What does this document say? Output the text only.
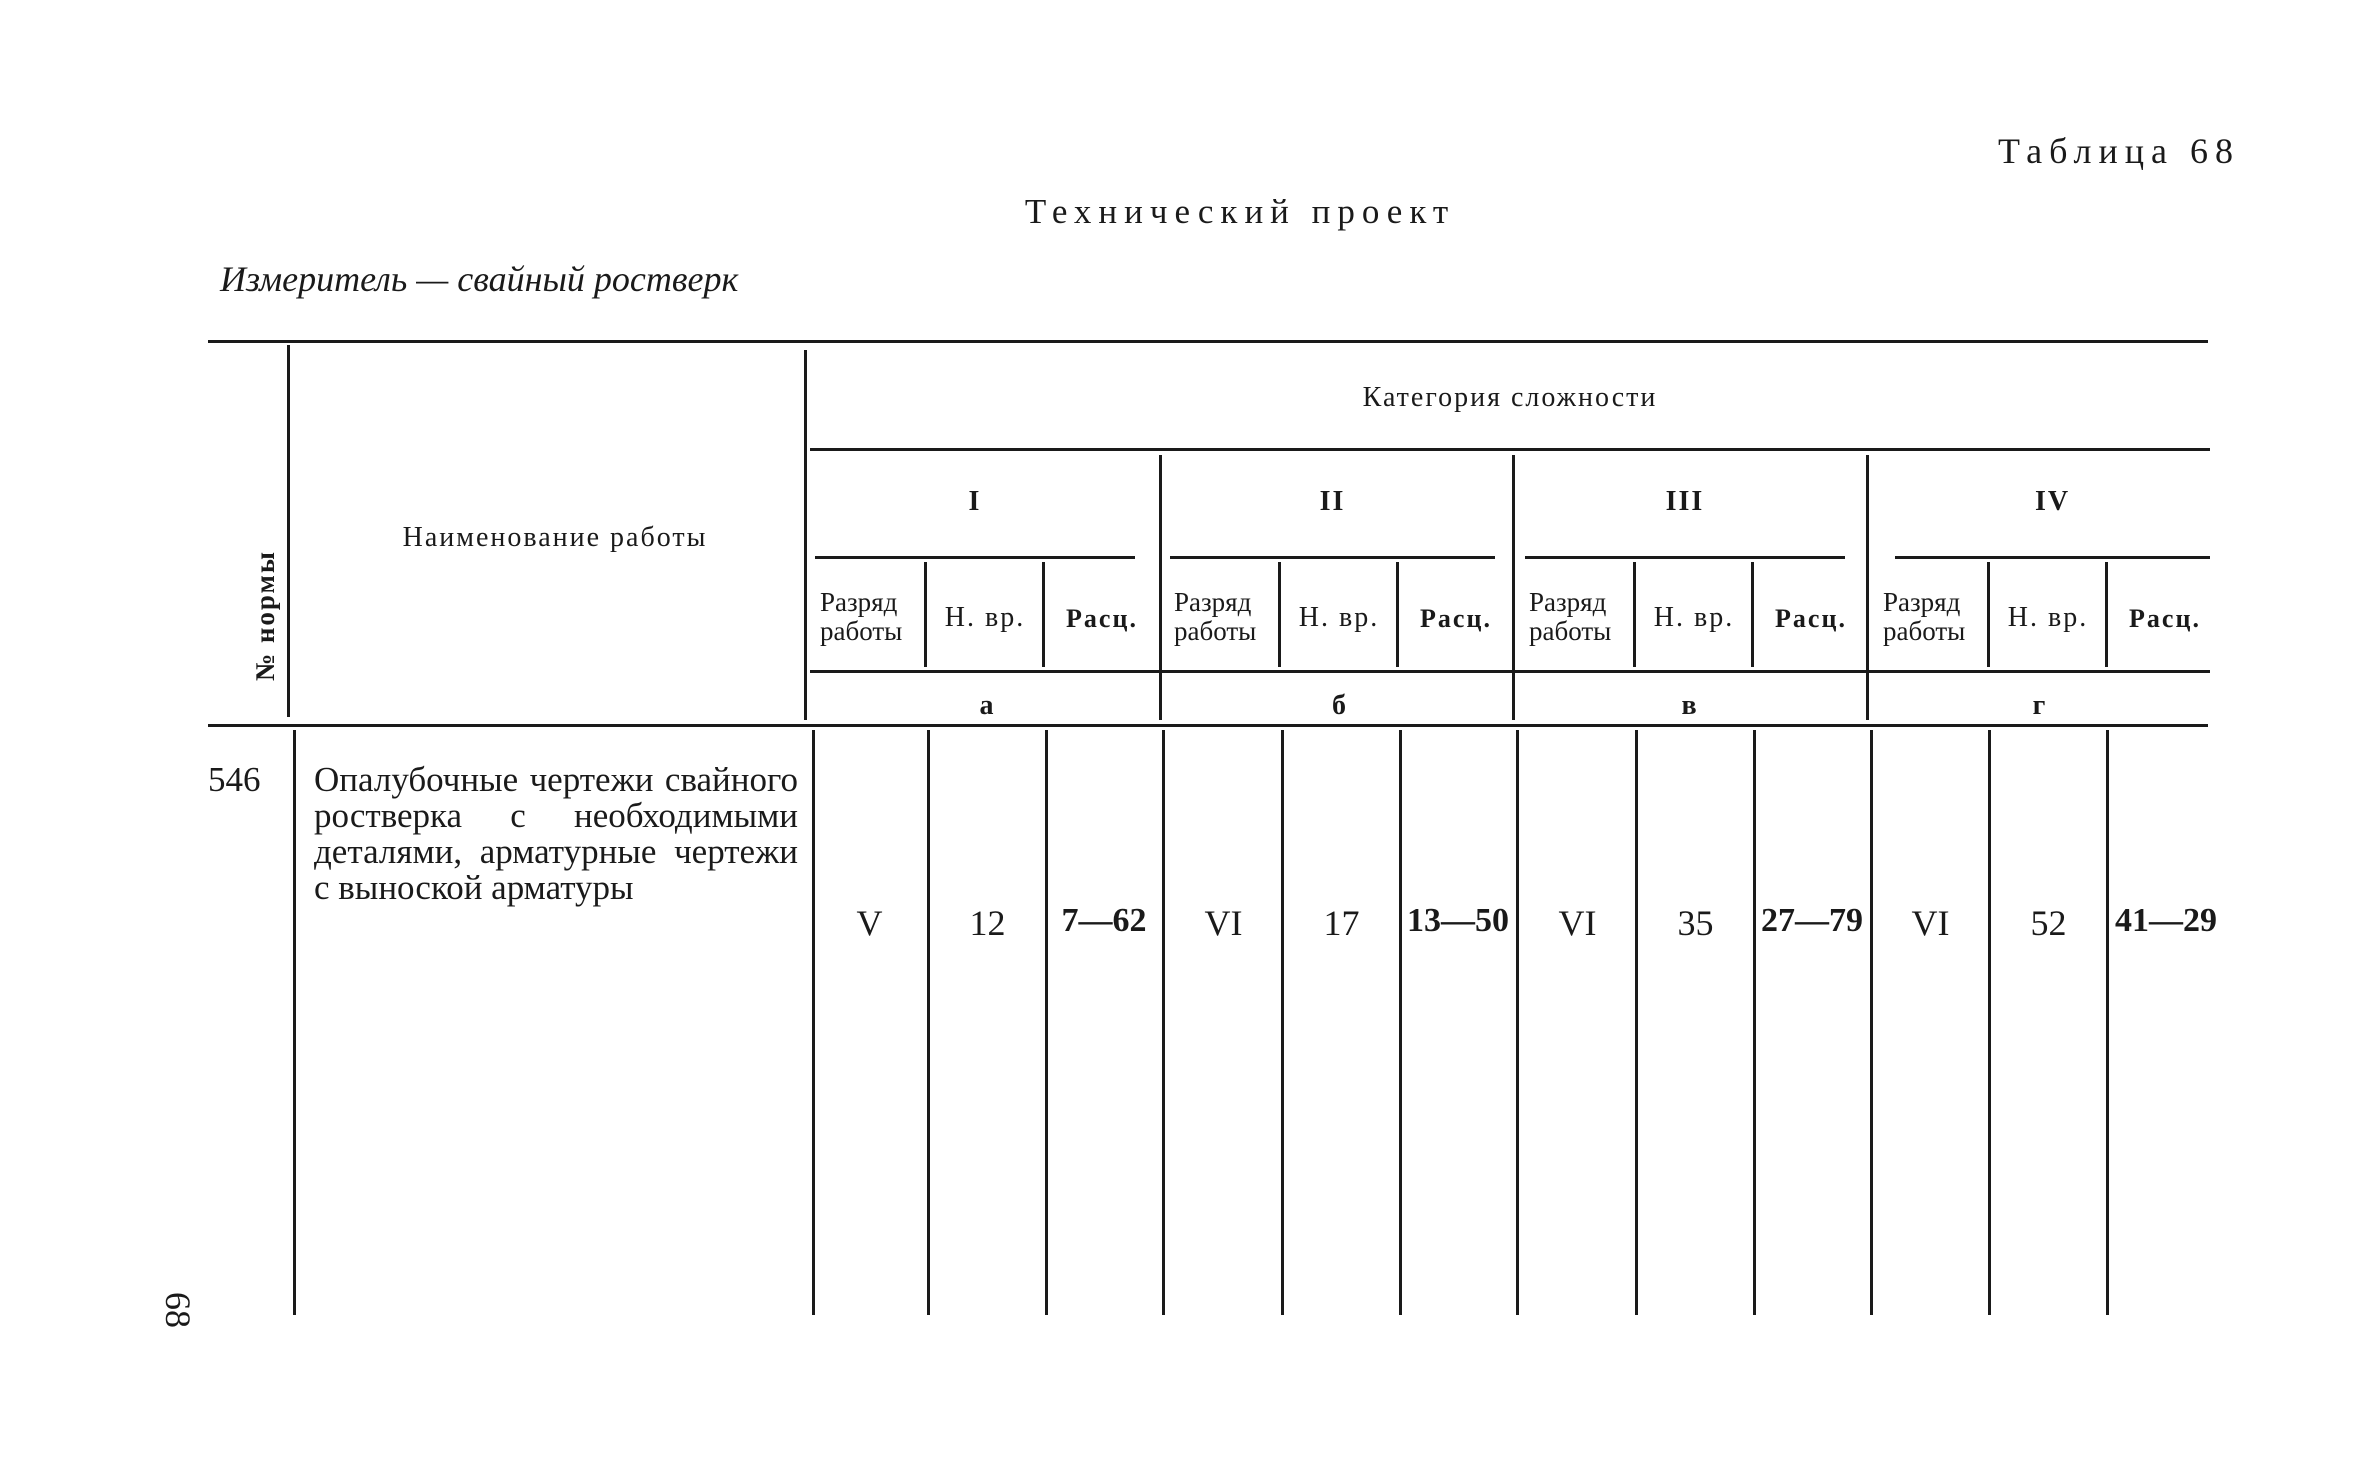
Таблица 68
Технический проект
Измеритель — свайный ростверк
№ нормы
Наименование работы
Категория сложности
I	II	III	IV
Разряд работы	Н. вр.	Расц.
Разряд работы	Н. вр.	Расц.
Разряд работы	Н. вр.	Расц.
Разряд работы	Н. вр.	Расц.
а	б	в	г
546 Опалубочные чертежи свайного ростверка с необходимыми деталями, арматурные чертежи с выноской арматуры
V	12	7—62	VI	17	13—50	VI	35	27—79	VI	52	41—29
68
